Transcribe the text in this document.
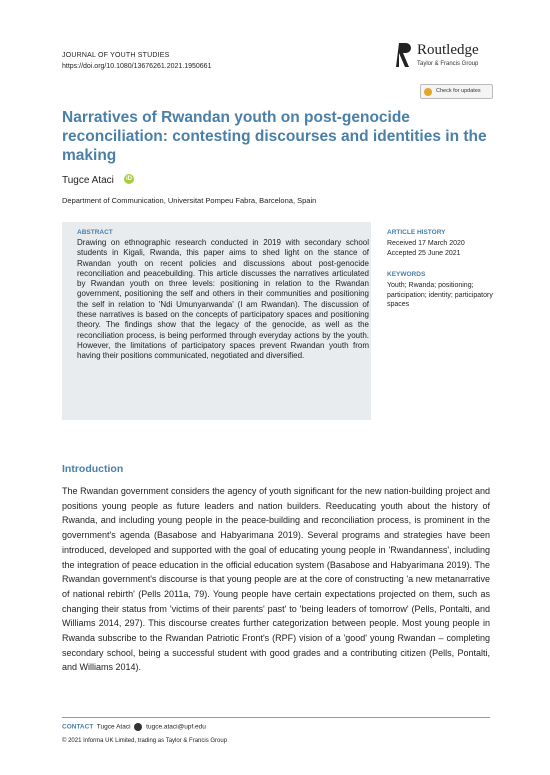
JOURNAL OF YOUTH STUDIES
https://doi.org/10.1080/13676261.2021.1950661
Routledge
Taylor & Francis Group
Check for updates
Narratives of Rwandan youth on post-genocide reconciliation: contesting discourses and identities in the making
Tugce Ataci	iD
Department of Communication, Universitat Pompeu Fabra, Barcelona, Spain
ABSTRACT
Drawing on ethnographic research conducted in 2019 with secondary school students in Kigali, Rwanda, this paper aims to shed light on the stance of Rwandan youth on recent policies and discussions about post-genocide reconciliation and peacebuilding. This article discusses the narratives articulated by Rwandan youth on three levels: positioning in relation to the Rwandan government, positioning the self and others in their communities and positioning the self in relation to 'Ndi Umunyarwanda' (I am Rwandan). The discussion of these narratives is based on the concepts of participatory spaces and positioning theory. The findings show that the legacy of the genocide, as well as the reconciliation process, is being performed through everyday actions by the youth. However, the limitations of participatory spaces prevent Rwandan youth from having their positions communicated, negotiated and diversified.
ARTICLE HISTORY
Received 17 March 2020
Accepted 25 June 2021
KEYWORDS
Youth; Rwanda; positioning; participation; identity; participatory spaces
Introduction
The Rwandan government considers the agency of youth significant for the new nation-building project and positions young people as future leaders and nation builders. Reeducating youth about the history of Rwanda, and including young people in the peace-building and reconciliation process, is prominent in the government's agenda (Basabose and Habyarimana 2019). Several programs and strategies have been introduced, developed and supported with the goal of educating young people in 'Rwandanness', including the integration of peace education in the official education system (Basabose and Habyarimana 2019). The Rwandan government's discourse is that young people are at the core of constructing 'a new metanarrative of national rebirth' (Pells 2011a, 79). Young people have certain expectations projected on them, such as changing their status from 'victims of their parents' past' to 'being leaders of tomorrow' (Pells, Pontalti, and Williams 2014, 297). This discourse creates further categorization between people. Most young people in Rwanda subscribe to the Rwandan Patriotic Front's (RPF) vision of a 'good' young Rwandan – completing secondary school, being a successful student with good grades and a contributing citizen (Pells, Pontalti, and Williams 2014).
CONTACT Tugce Ataci tugce.ataci@upf.edu
© 2021 Informa UK Limited, trading as Taylor & Francis Group
